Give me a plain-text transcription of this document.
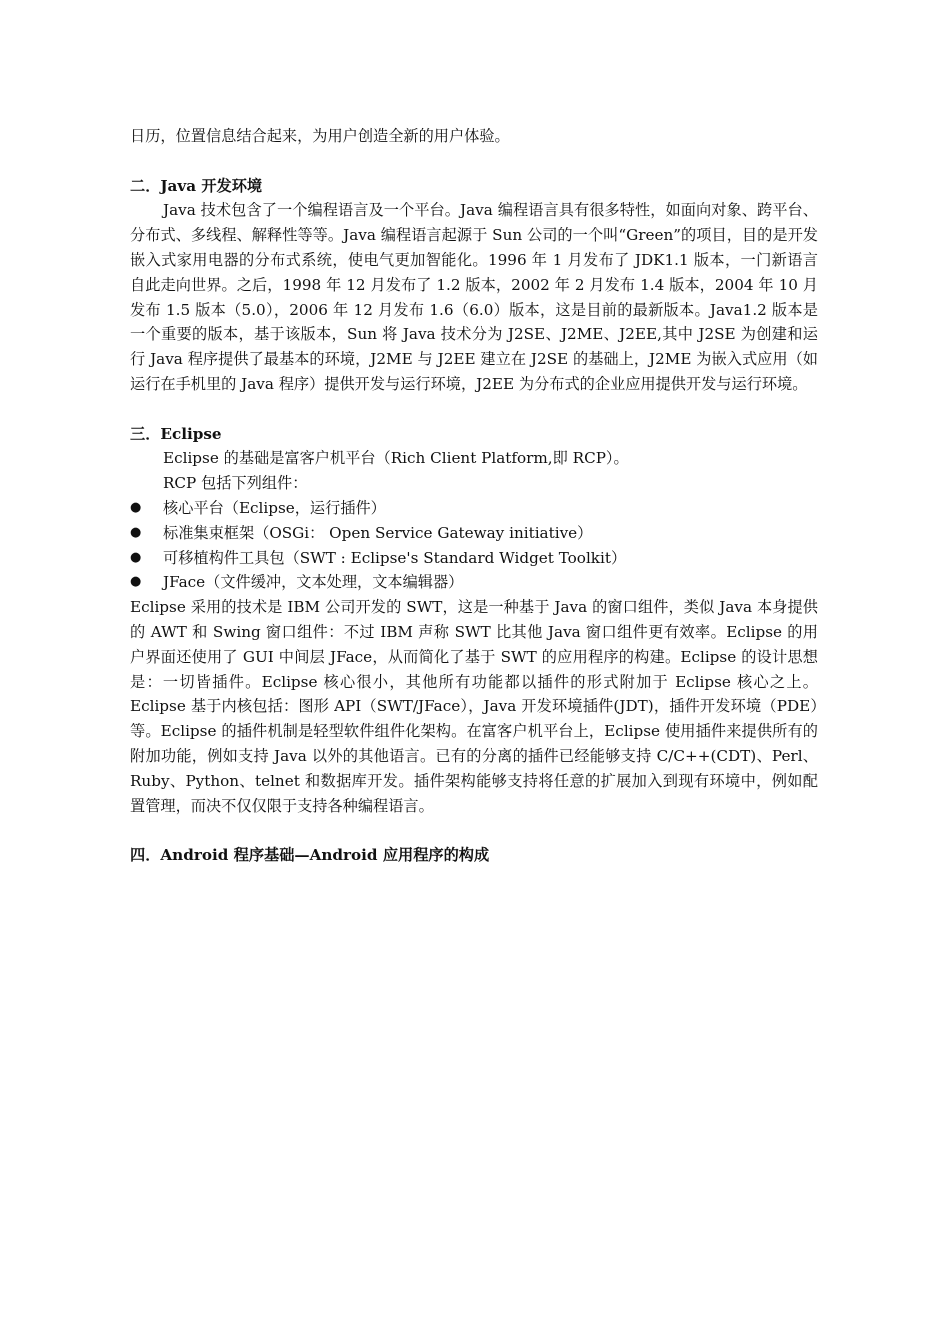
日历，位置信息结合起来，为用户创造全新的用户体验。

二．Java 开发环境

Java 技术包含了一个编程语言及一个平台。Java 编程语言具有很多特性，如面向对象、跨平台、分布式、多线程、解释性等等。Java 编程语言起源于 Sun 公司的一个叫“Green”的项目，目的是开发嵌入式家用电器的分布式系统，使电气更加智能化。1996 年 1 月发布了 JDK1.1 版本，一门新语言自此走向世界。之后，1998 年 12 月发布了 1.2 版本，2002 年 2 月发布 1.4 版本，2004 年 10 月发布 1.5 版本（5.0），2006 年 12 月发布 1.6（6.0）版本，这是目前的最新版本。Java1.2 版本是一个重要的版本，基于该版本，Sun 将 Java 技术分为 J2SE、J2ME、J2EE,其中 J2SE 为创建和运行 Java 程序提供了最基本的环境，J2ME 与 J2EE 建立在 J2SE 的基础上，J2ME 为嵌入式应用（如运行在手机里的 Java 程序）提供开发与运行环境，J2EE 为分布式的企业应用提供开发与运行环境。

三．Eclipse

Eclipse 的基础是富客户机平台（Rich Client Platform,即 RCP）。

RCP 包括下列组件：

● 核心平台（Eclipse，运行插件）
● 标准集束框架（OSGi： Open Service Gateway initiative）
● 可移植构件工具包（SWT : Eclipse's Standard Widget Toolkit）
● JFace（文件缓冲，文本处理，文本编辑器）

Eclipse 采用的技术是 IBM 公司开发的 SWT，这是一种基于 Java 的窗口组件，类似 Java 本身提供的 AWT 和 Swing 窗口组件：不过 IBM 声称 SWT 比其他 Java 窗口组件更有效率。Eclipse 的用户界面还使用了 GUI 中间层 JFace，从而简化了基于 SWT 的应用程序的构建。Eclipse 的设计思想是：一切皆插件。Eclipse 核心很小，其他所有功能都以插件的形式附加于 Eclipse 核心之上。Eclipse 基于内核包括：图形 API（SWT/JFace），Java 开发环境插件(JDT)，插件开发环境（PDE）等。Eclipse 的插件机制是轻型软件组件化架构。在富客户机平台上，Eclipse 使用插件来提供所有的附加功能，例如支持 Java 以外的其他语言。已有的分离的插件已经能够支持 C/C++(CDT)、Perl、Ruby、Python、telnet 和数据库开发。插件架构能够支持将任意的扩展加入到现有环境中，例如配置管理，而决不仅仅限于支持各种编程语言。

四．Android 程序基础—Android 应用程序的构成
